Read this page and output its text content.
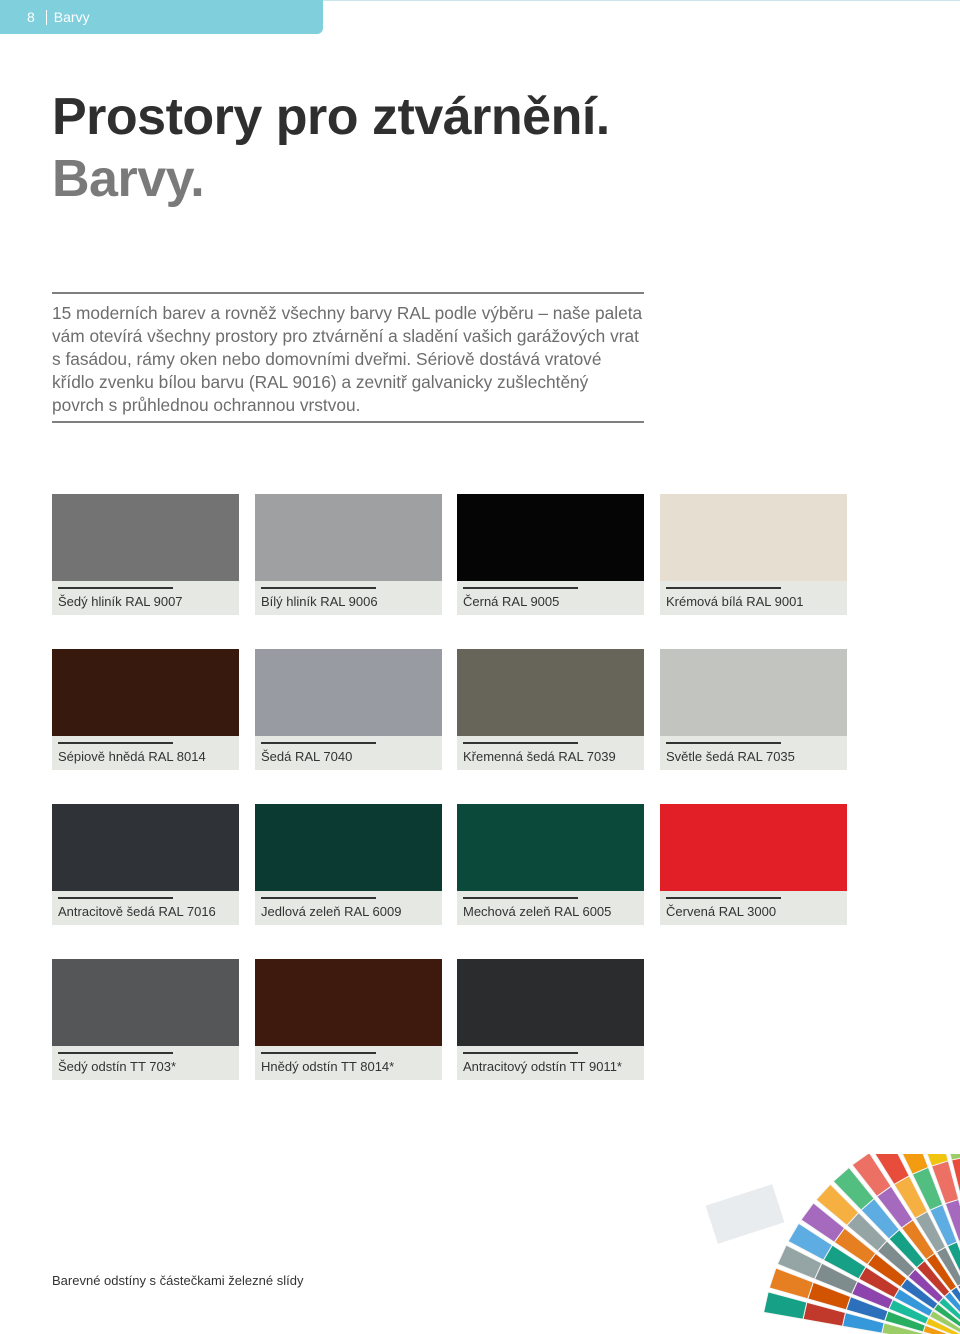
8 Barvy
Prostory pro ztvárnění.
Barvy.

15 moderních barev a rovněž všechny barvy RAL podle výběru – naše paleta vám otevírá všechny prostory pro ztvárnění a sladění vašich garážových vrat s fasádou, rámy oken nebo domovními dveřmi. Sériově dostává vratové křídlo zvenku bílou barvu (RAL 9016) a zevnitř galvanicky zušlechtěný povrch s průhlednou ochrannou vrstvou.

Šedý hliník RAL 9007	Bílý hliník RAL 9006	Černá RAL 9005	Krémová bílá RAL 9001
Sépiově hnědá RAL 8014	Šedá RAL 7040	Křemenná šedá RAL 7039	Světle šedá RAL 7035
Antracitově šedá RAL 7016	Jedlová zeleň RAL 6009	Mechová zeleň RAL 6005	Červená RAL 3000
Šedý odstín TT 703*	Hnědý odstín TT 8014*	Antracitový odstín TT 9011*

Barevné odstíny s částečkami železné slídy
